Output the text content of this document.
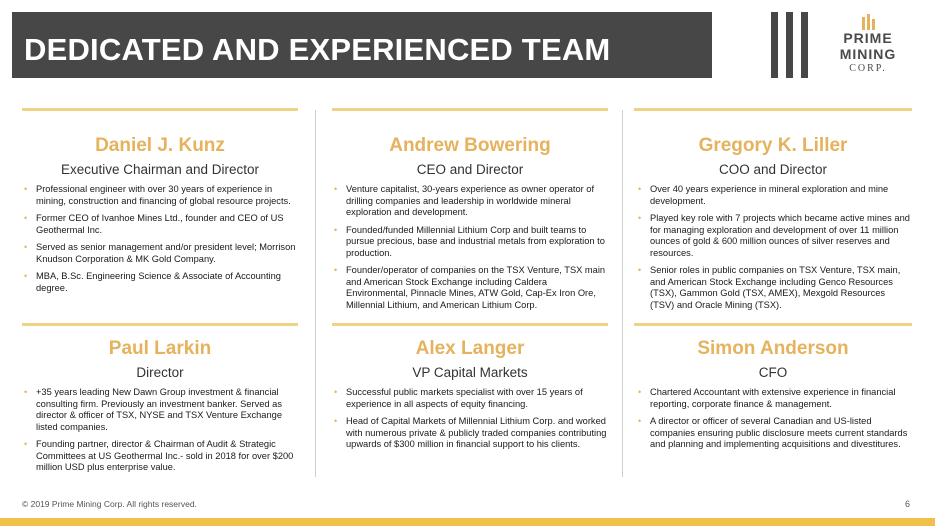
DEDICATED AND EXPERIENCED TEAM	PRIME
MINING
CORP.
Daniel J. Kunz
Executive Chairman and Director
• Professional engineer with over 30 years of experience in mining, construction and financing of global resource projects.
• Former CEO of Ivanhoe Mines Ltd., founder and CEO of US Geothermal Inc.
• Served as senior management and/or president level; Morrison Knudson Corporation & MK Gold Company.
• MBA, B.Sc. Engineering Science & Associate of Accounting degree.
Andrew Bowering
CEO and Director
• Venture capitalist, 30-years experience as owner operator of drilling companies and leadership in worldwide mineral exploration and development.
• Founded/funded Millennial Lithium Corp and built teams to pursue precious, base and industrial metals from exploration to production.
• Founder/operator of companies on the TSX Venture, TSX main and American Stock Exchange including Caldera Environmental, Pinnacle Mines, ATW Gold, Cap-Ex Iron Ore, Millennial Lithium, and American Lithium Corp.
Gregory K. Liller
COO and Director
• Over 40 years experience in mineral exploration and mine development.
• Played key role with 7 projects which became active mines and for managing exploration and development of over 11 million ounces of gold & 600 million ounces of silver reserves and resources.
• Senior roles in public companies on TSX Venture, TSX main, and American Stock Exchange including Genco Resources (TSX), Gammon Gold (TSX, AMEX), Mexgold Resources (TSV) and Oracle Mining (TSX).
Paul Larkin
Director
• +35 years leading New Dawn Group investment & financial consulting firm. Previously an investment banker. Served as director & officer of TSX, NYSE and TSX Venture Exchange listed companies.
• Founding partner, director & Chairman of Audit & Strategic Committees at US Geothermal Inc.- sold in 2018 for over $200 million USD plus enterprise value.
Alex Langer
VP Capital Markets
• Successful public markets specialist with over 15 years of experience in all aspects of equity financing.
• Head of Capital Markets of Millennial Lithium Corp. and worked with numerous private & publicly traded companies contributing upwards of $300 million in financial support to his clients.
Simon Anderson
CFO
• Chartered Accountant with extensive experience in financial reporting, corporate finance & management.
• A director or officer of several Canadian and US-listed companies ensuring public disclosure meets current standards and planning and implementing acquisitions and divestitures.
© 2019 Prime Mining Corp. All rights reserved.	6
